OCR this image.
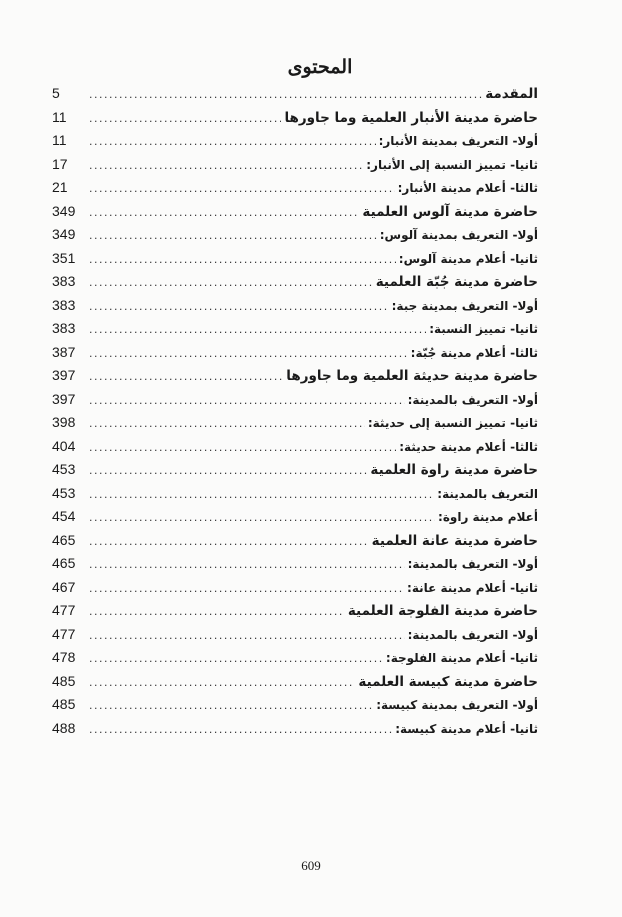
المحتوى
المقدمة
.....
5
حاضرة مدينة الأنبار العلمية وما جاورها
.....
11
أولا- التعريف بمدينة الأنبار:
.....
11
ثانيا- تمييز النسبة إلى الأنبار:
.....
17
ثالثا- أعلام مدينة الأنبار:
.....
21
حاضرة مدينة آلوس العلمية
.....
349
أولا- التعريف بمدينة آلوس:
.....
349
ثانيا- أعلام مدينة آلوس:
.....
351
حاضرة مدينة جُبّة العلمية
.....
383
أولا- التعريف بمدينة جبة:
.....
383
ثانيا- تمييز النسبة:
.....
383
ثالثا- أعلام مدينة جُبّة:
.....
387
حاضرة مدينة حديثة العلمية وما جاورها
.....
397
أولا- التعريف بالمدينة:
.....
397
ثانيا- تمييز النسبة إلى حديثة:
.....
398
ثالثا- أعلام مدينة حديثة:
.....
404
حاضرة مدينة راوة العلمية
.....
453
التعريف بالمدينة:
.....
453
أعلام مدينة راوة:
.....
454
حاضرة مدينة عانة العلمية
.....
465
أولا- التعريف بالمدينة:
.....
465
ثانيا- أعلام مدينة عانة:
.....
467
حاضرة مدينة الفلوجة العلمية
.....
477
أولا- التعريف بالمدينة:
.....
477
ثانيا- أعلام مدينة الفلوجة:
.....
478
حاضرة مدينة كبيسة العلمية
.....
485
أولا- التعريف بمدينة كبيسة:
.....
485
ثانيا- أعلام مدينة كبيسة:
.....
488
609
